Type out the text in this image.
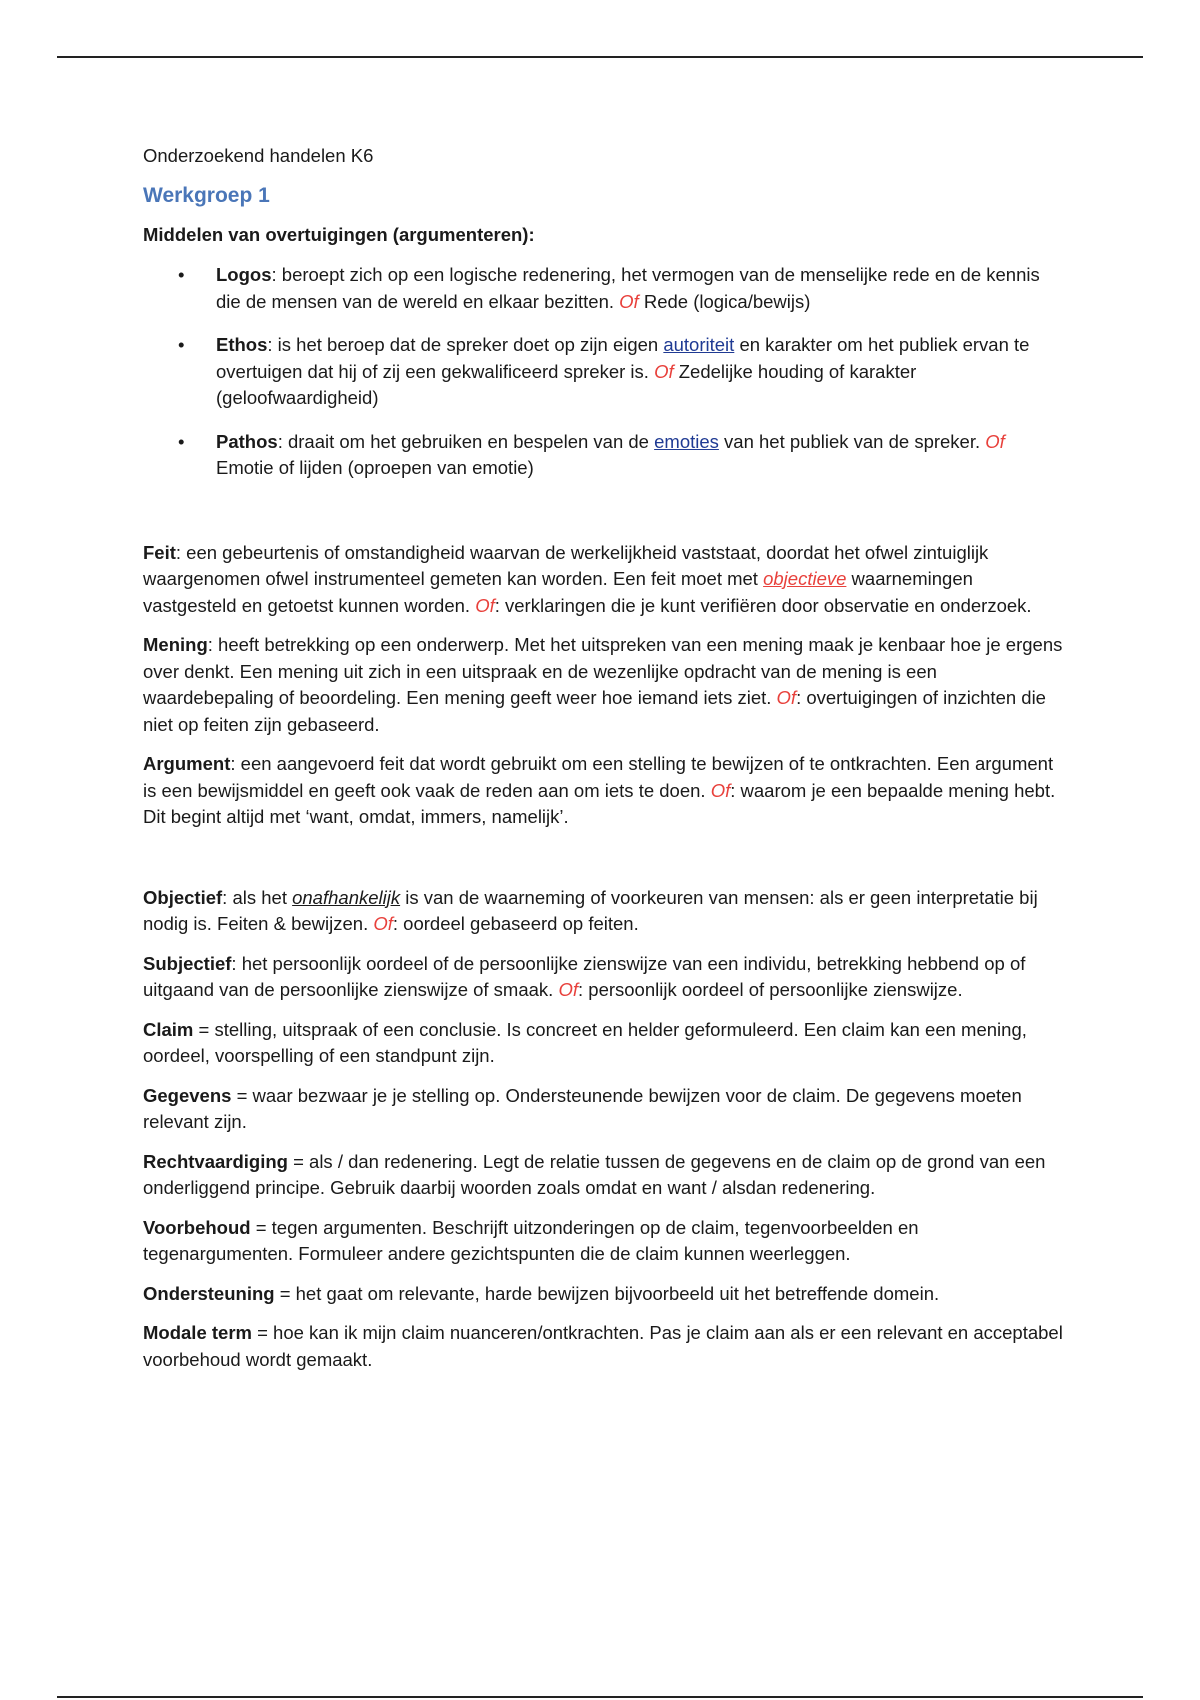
Onderzoekend handelen K6

Werkgroep 1

Middelen van overtuigingen (argumenteren):

• Logos: beroept zich op een logische redenering, het vermogen van de menselijke rede en de kennis die de mensen van de wereld en elkaar bezitten. Of Rede (logica/bewijs)
• Ethos: is het beroep dat de spreker doet op zijn eigen autoriteit en karakter om het publiek ervan te overtuigen dat hij of zij een gekwalificeerd spreker is. Of Zedelijke houding of karakter (geloofwaardigheid)
• Pathos: draait om het gebruiken en bespelen van de emoties van het publiek van de spreker. Of Emotie of lijden (oproepen van emotie)

Feit: een gebeurtenis of omstandigheid waarvan de werkelijkheid vaststaat, doordat het ofwel zintuiglijk waargenomen ofwel instrumenteel gemeten kan worden. Een feit moet met objectieve waarnemingen vastgesteld en getoetst kunnen worden. Of: verklaringen die je kunt verifiëren door observatie en onderzoek.

Mening: heeft betrekking op een onderwerp. Met het uitspreken van een mening maak je kenbaar hoe je ergens over denkt. Een mening uit zich in een uitspraak en de wezenlijke opdracht van de mening is een waardebepaling of beoordeling. Een mening geeft weer hoe iemand iets ziet. Of: overtuigingen of inzichten die niet op feiten zijn gebaseerd.

Argument: een aangevoerd feit dat wordt gebruikt om een stelling te bewijzen of te ontkrachten. Een argument is een bewijsmiddel en geeft ook vaak de reden aan om iets te doen. Of: waarom je een bepaalde mening hebt. Dit begint altijd met ‘want, omdat, immers, namelijk’.

Objectief: als het onafhankelijk is van de waarneming of voorkeuren van mensen: als er geen interpretatie bij nodig is. Feiten & bewijzen. Of: oordeel gebaseerd op feiten.

Subjectief: het persoonlijk oordeel of de persoonlijke zienswijze van een individu, betrekking hebbend op of uitgaand van de persoonlijke zienswijze of smaak. Of: persoonlijk oordeel of persoonlijke zienswijze.

Claim = stelling, uitspraak of een conclusie. Is concreet en helder geformuleerd. Een claim kan een mening, oordeel, voorspelling of een standpunt zijn.

Gegevens = waar bezwaar je je stelling op. Ondersteunende bewijzen voor de claim. De gegevens moeten relevant zijn.

Rechtvaardiging = als / dan redenering. Legt de relatie tussen de gegevens en de claim op de grond van een onderliggend principe. Gebruik daarbij woorden zoals omdat en want / alsdan redenering.

Voorbehoud = tegen argumenten. Beschrijft uitzonderingen op de claim, tegenvoorbeelden en tegenargumenten. Formuleer andere gezichtspunten die de claim kunnen weerleggen.

Ondersteuning = het gaat om relevante, harde bewijzen bijvoorbeeld uit het betreffende domein.

Modale term = hoe kan ik mijn claim nuanceren/ontkrachten. Pas je claim aan als er een relevant en acceptabel voorbehoud wordt gemaakt.
